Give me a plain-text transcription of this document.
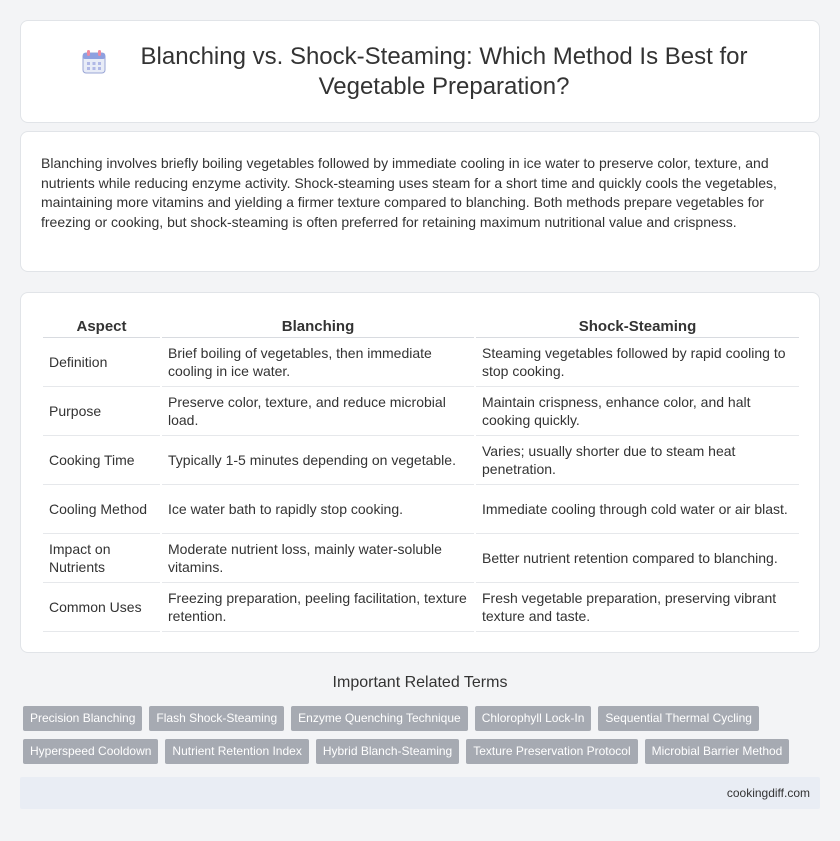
Blanching vs. Shock-Steaming: Which Method Is Best for Vegetable Preparation?

Blanching involves briefly boiling vegetables followed by immediate cooling in ice water to preserve color, texture, and nutrients while reducing enzyme activity. Shock-steaming uses steam for a short time and quickly cools the vegetables, maintaining more vitamins and yielding a firmer texture compared to blanching. Both methods prepare vegetables for freezing or cooking, but shock-steaming is often preferred for retaining maximum nutritional value and crispness.

Aspect	Blanching	Shock-Steaming
Definition	Brief boiling of vegetables, then immediate cooling in ice water.	Steaming vegetables followed by rapid cooling to stop cooking.
Purpose	Preserve color, texture, and reduce microbial load.	Maintain crispness, enhance color, and halt cooking quickly.
Cooking Time	Typically 1-5 minutes depending on vegetable.	Varies; usually shorter due to steam heat penetration.
Cooling Method	Ice water bath to rapidly stop cooking.	Immediate cooling through cold water or air blast.
Impact on Nutrients	Moderate nutrient loss, mainly water-soluble vitamins.	Better nutrient retention compared to blanching.
Common Uses	Freezing preparation, peeling facilitation, texture retention.	Fresh vegetable preparation, preserving vibrant texture and taste.
Important Related Terms
Precision Blanching	Flash Shock-Steaming	Enzyme Quenching Technique	Chlorophyll Lock-In	Sequential Thermal Cycling
Hyperspeed Cooldown	Nutrient Retention Index	Hybrid Blanch-Steaming	Texture Preservation Protocol	Microbial Barrier Method
cookingdiff.com
